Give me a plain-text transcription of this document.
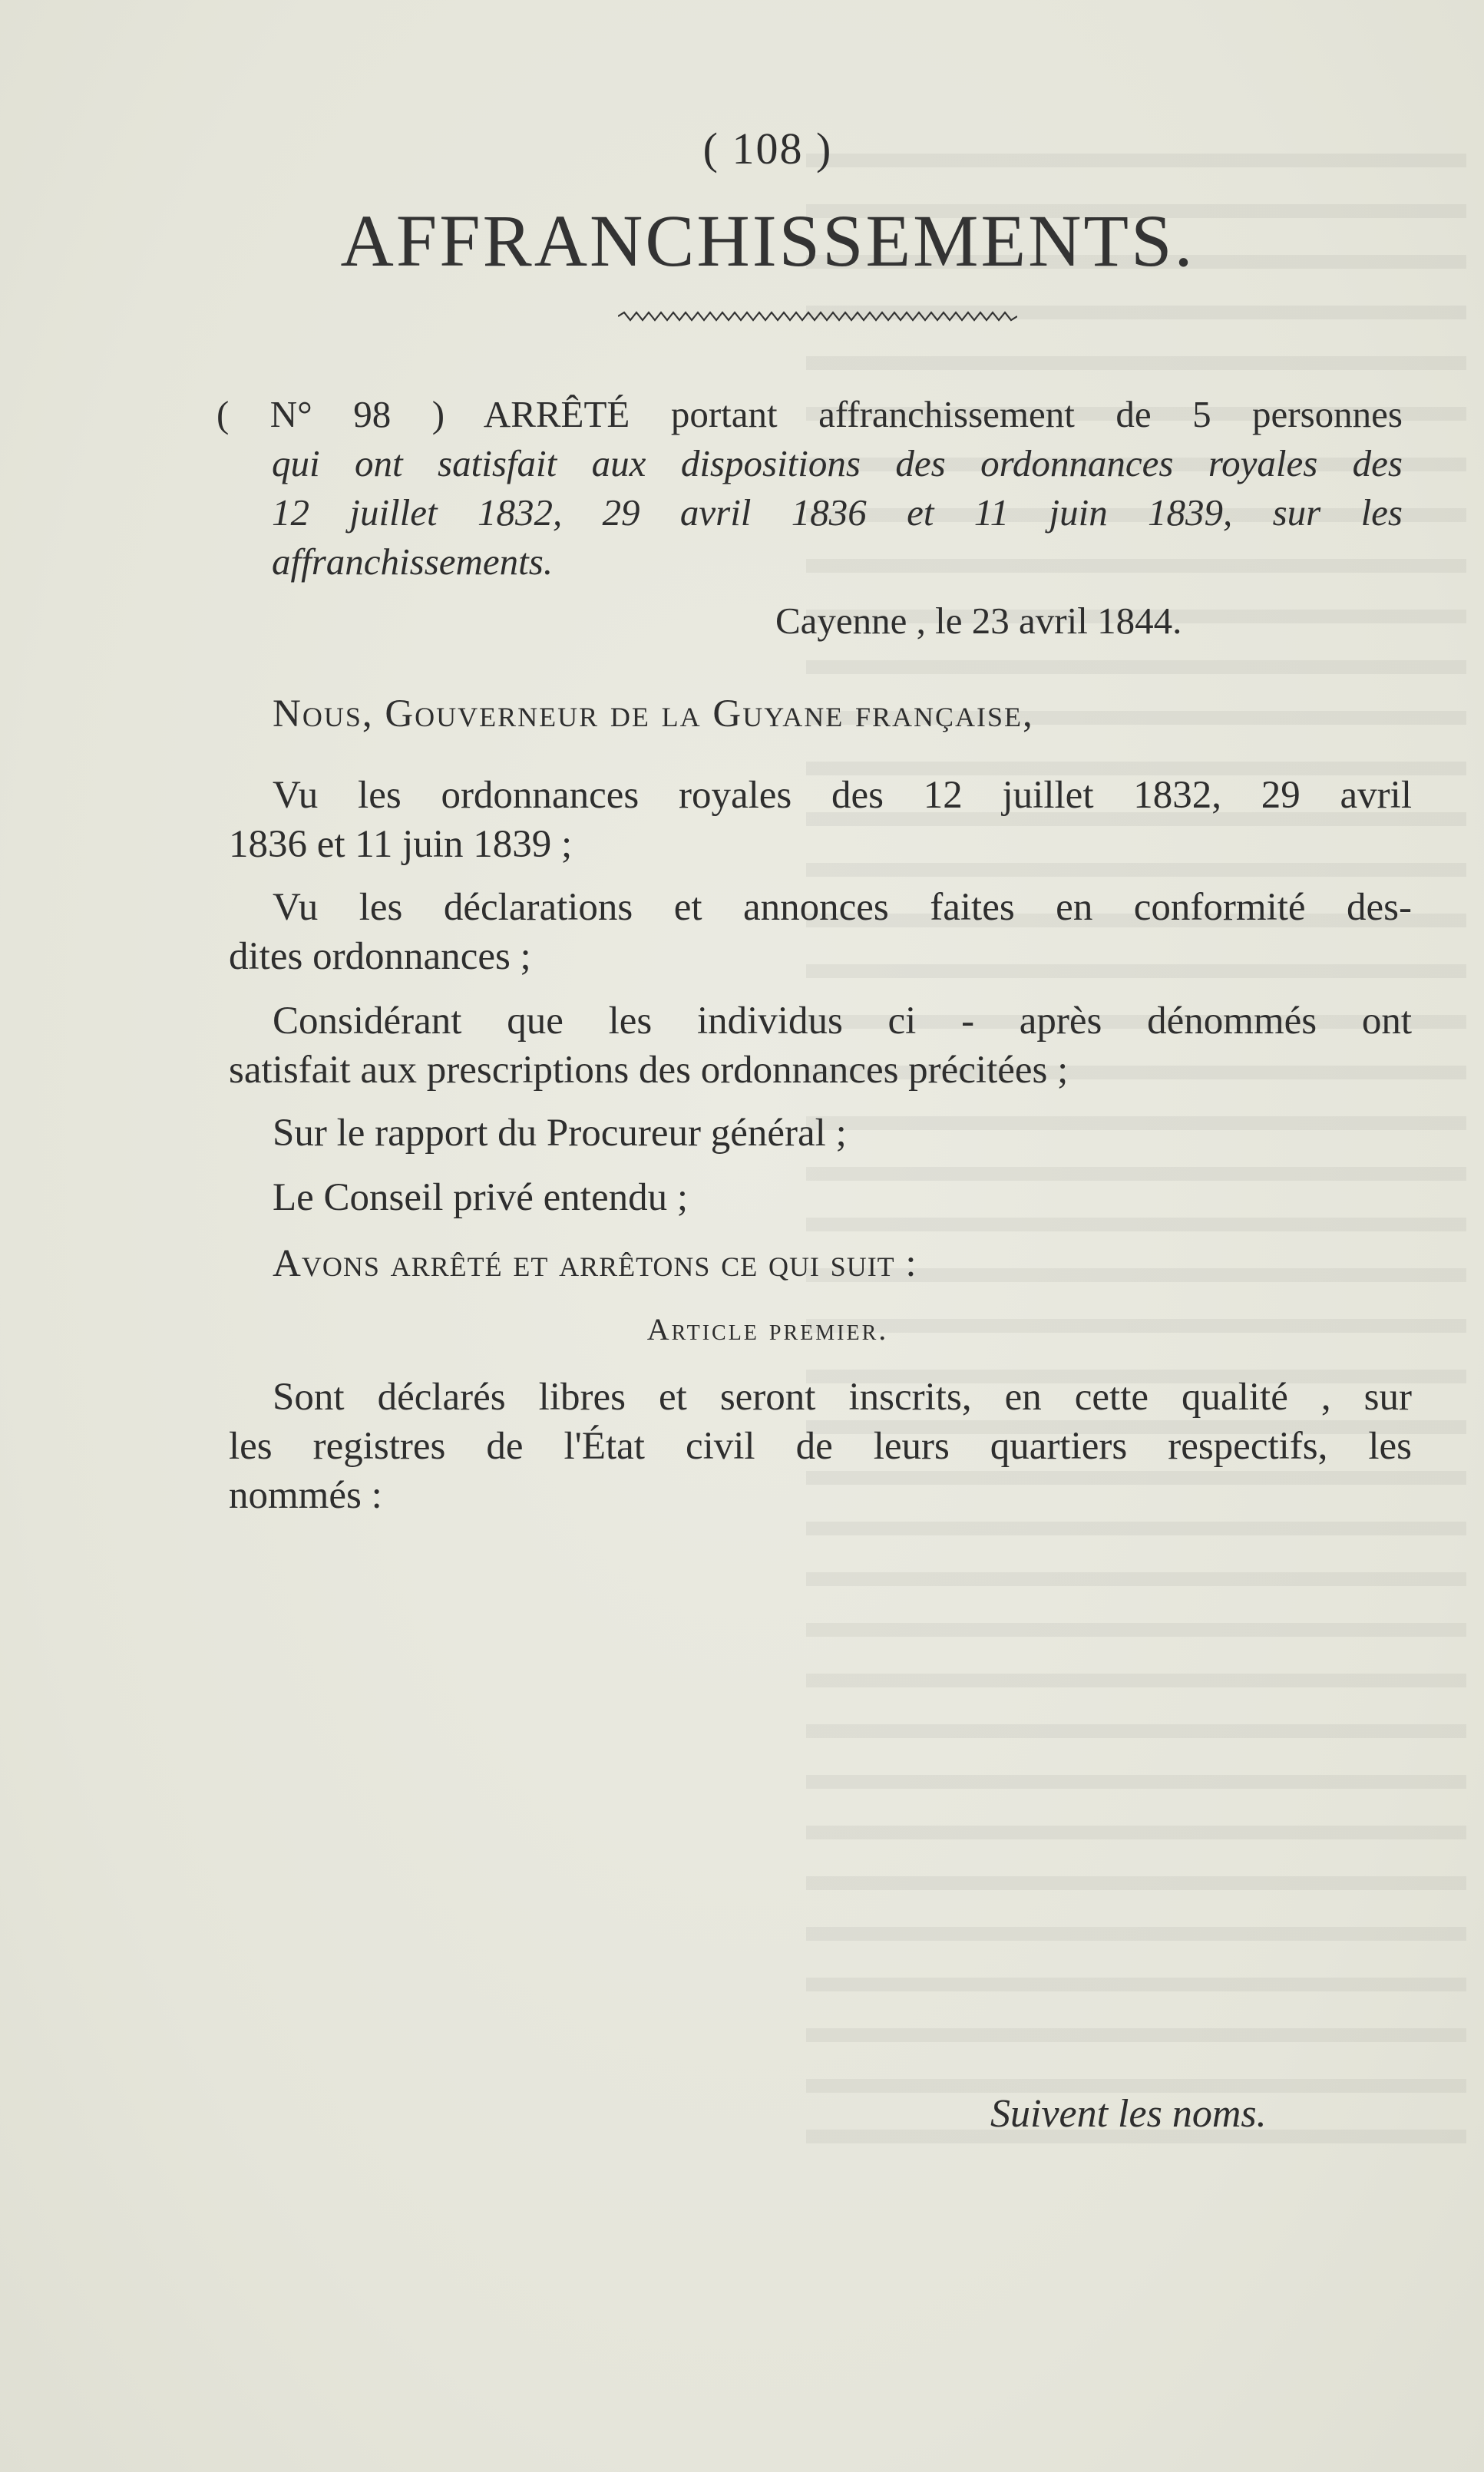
( 108 )
AFFRANCHISSEMENTS.
( N° 98 ) ARRÊTÉ portant affranchissement de 5 personnes
qui ont satisfait aux dispositions des ordonnances royales des
12 juillet 1832, 29 avril 1836 et 11 juin 1839, sur les
affranchissements.
Cayenne , le 23 avril 1844.
Nous, Gouverneur de la Guyane française,
Vu les ordonnances royales des 12 juillet 1832, 29 avril
1836 et 11 juin 1839 ;
Vu les déclarations et annonces faites en conformité des-
dites ordonnances ;
Considérant que les individus ci - après dénommés ont
satisfait aux prescriptions des ordonnances précitées ;
Sur le rapport du Procureur général ;
Le Conseil privé entendu ;
Avons arrêté et arrêtons ce qui suit :
Article premier.
Sont déclarés libres et seront inscrits, en cette qualité , sur
les registres de l'État civil de leurs quartiers respectifs, les
nommés :
Suivent les noms.
